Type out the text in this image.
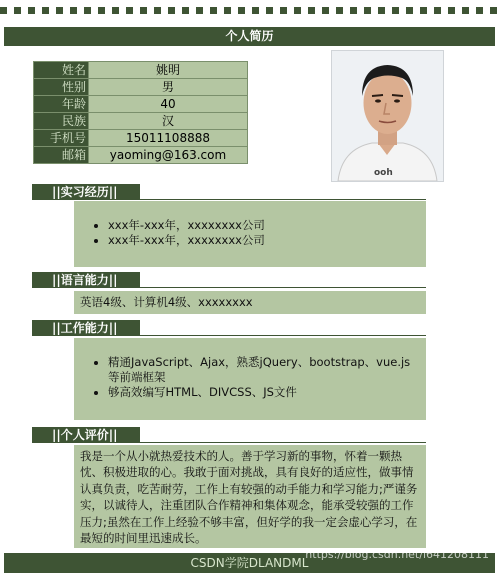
个人简历
姓名	姚明
性别	男
年龄	40
民族	汉
手机号	15011108888
邮箱	yaoming@163.com
ooh
||实习经历||
• xxx年-xxx年，xxxxxxxx公司
• xxx年-xxx年，xxxxxxxx公司
||语言能力||
英语4级、计算机4级、xxxxxxxx
||工作能力||
• 精通JavaScript、Ajax，熟悉jQuery、bootstrap、vue.js等前端框架
• 够高效编写HTML、DIVCSS、JS文件
||个人评价||
我是一个从小就热爱技术的人。善于学习新的事物，怀着一颗热忱、积极进取的心。我敢于面对挑战，具有良好的适应性，做事情认真负责，吃苦耐劳，工作上有较强的动手能力和学习能力;严谨务实，以诚待人，注重团队合作精神和集体观念，能承受较强的工作压力;虽然在工作上经验不够丰富，但好学的我一定会虚心学习，在最短的时间里迅速成长。
CSDN学院DLANDML
https://blog.csdn.net/i641208111
